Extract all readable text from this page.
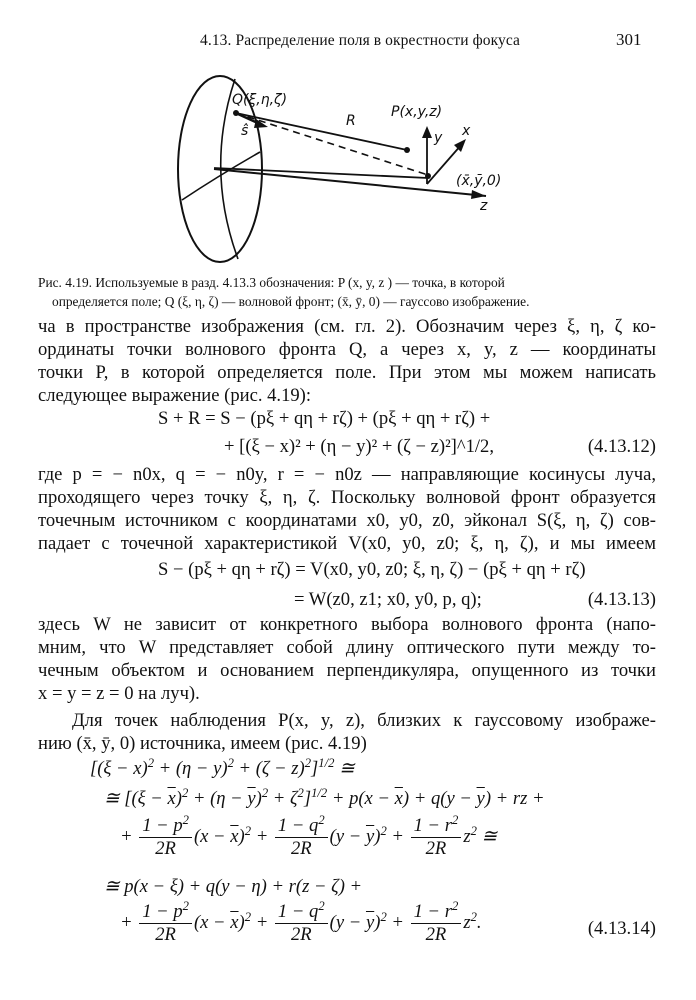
4.13. Распределение поля в окрестности фокуса	301
Q(ξ,η,ζ)
ŝ
R
P(x,y,z)
y x
(x̄,ȳ,0)
z
Рис. 4.19. Используемые в разд. 4.13.3 обозначения: P (x, y, z ) — точка, в которой
определяется поле; Q (ξ, η, ζ) — волновой фронт; (x̄, ȳ, 0) — гауссово изображение.
ча в пространстве изображения (см. гл. 2). Обозначим через ξ, η, ζ ко-
ординаты точки волнового фронта Q, а через x, y, z — координаты
точки P, в которой определяется поле. При этом мы можем написать
следующее выражение (рис. 4.19):
S + R = S − (pξ + qη + rζ) + (pξ + qη + rζ) +
+ [(ξ − x)² + (η − y)² + (ζ − z)²]^1/2,	(4.13.12)
где p = − n0x, q = − n0y, r = − n0z — направляющие косинусы луча,
проходящего через точку ξ, η, ζ. Поскольку волновой фронт образуется
точечным источником с координатами x0, y0, z0, эйконал S(ξ, η, ζ) сов-
падает с точечной характеристикой V(x0, y0, z0; ξ, η, ζ), и мы имеем
S − (pξ + qη + rζ) = V(x0, y0, z0; ξ, η, ζ) − (pξ + qη + rζ)
= W(z0, z1; x0, y0, p, q);	(4.13.13)
здесь W не зависит от конкретного выбора волнового фронта (напо-
мним, что W представляет собой длину оптического пути между то-
чечным объектом и основанием перпендикуляра, опущенного из точки
x = y = z = 0 на луч).
Для точек наблюдения P(x, y, z), близких к гауссовому изображе-
нию (x̄, ȳ, 0) источника, имеем (рис. 4.19)
$[(\xi - x)^2 + (\eta - y)^2 + (\zeta - z)^2]^{1/2}$ ≅
≅ $[(\xi - \overline{x})^2 + (\eta - \overline{y})^2 + \zeta^2]^{1/2} + p(x - \overline{x}) + q(y - \overline{y})$ + rz +
+ $\frac{1 - p^2}{2R} (x - \overline{x})^2 + \frac{1 - q^2}{2R} (y - \overline{y})^2 + \frac{1 - r^2}{2R} z^2$ ≅
≅ p(x − ξ) + q(y − η) + r(z − ζ) +
+ $\frac{1 - p^2}{2R} (x - \overline{x})^2 + \frac{1 - q^2}{2R} (y - \overline{y})^2 + \frac{1 - r^2}{2R} z^2$.	(4.13.14)
